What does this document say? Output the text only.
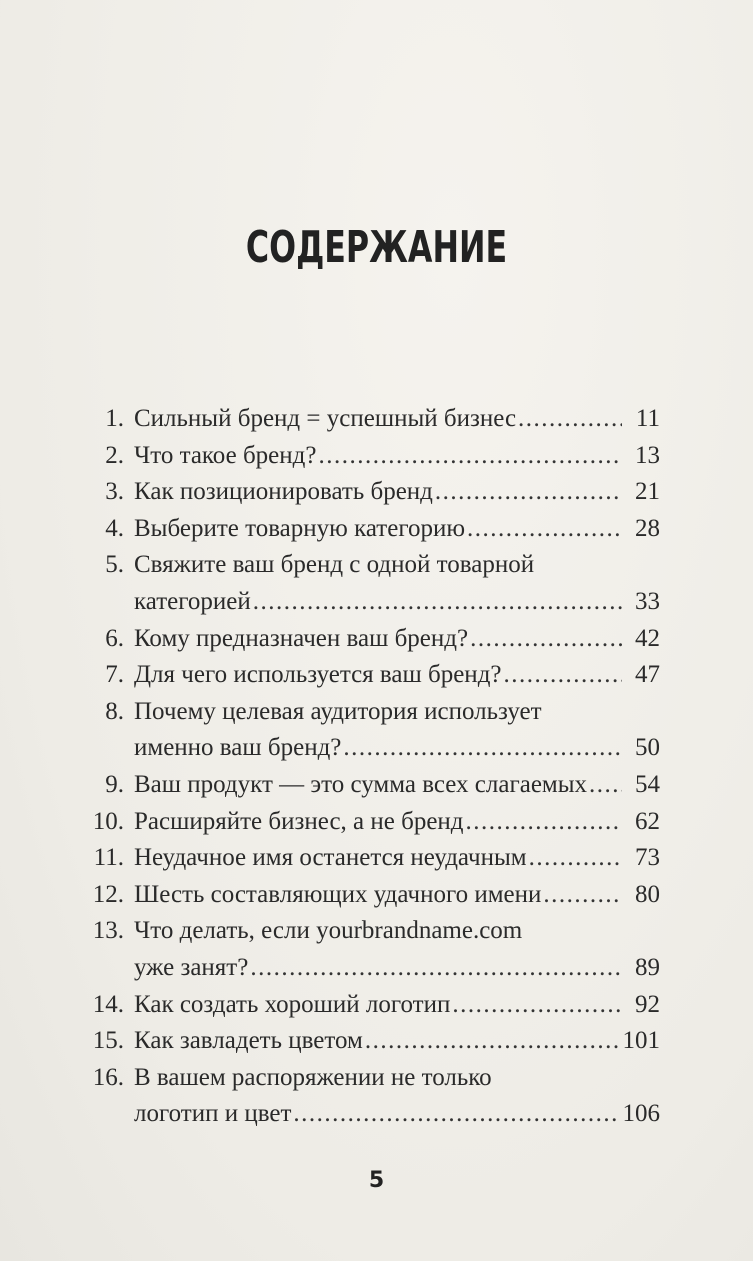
СОДЕРЖАНИЕ
1. Сильный бренд = успешный бизнес .....	11
2. Что такое бренд? .....	13
3. Как позиционировать бренд .....	21
4. Выберите товарную категорию .....	28
5. Свяжите ваш бренд с одной товарной
категорией .....	33
6. Кому предназначен ваш бренд? .....	42
7. Для чего используется ваш бренд? .....	47
8. Почему целевая аудитория использует
именно ваш бренд? .....	50
9. Ваш продукт — это сумма всех слагаемых .....	54
10. Расширяйте бизнес, а не бренд .....	62
11. Неудачное имя останется неудачным .....	73
12. Шесть составляющих удачного имени .....	80
13. Что делать, если yourbrandname.com
уже занят? .....	89
14. Как создать хороший логотип .....	92
15. Как завладеть цветом .....	101
16. В вашем распоряжении не только
логотип и цвет .....	106
5
